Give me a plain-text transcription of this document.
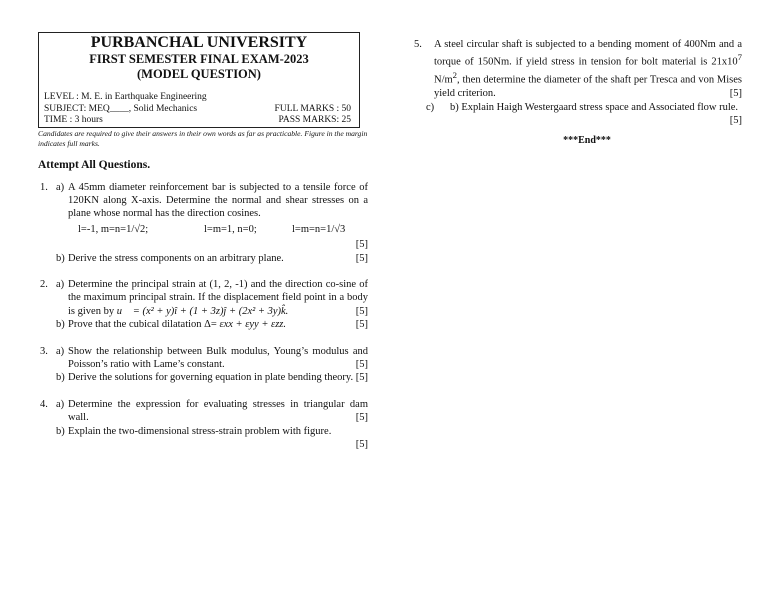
PURBANCHAL UNIVERSITY
FIRST SEMESTER FINAL EXAM-2023
(MODEL QUESTION)
LEVEL : M. E. in Earthquake Engineering
SUBJECT: MEQ____, Solid Mechanics	FULL MARKS : 50
TIME : 3 hours	PASS MARKS: 25
Candidates are required to give their answers in their own words as far as practicable. Figure in the margin indicates full marks.
Attempt All Questions.
1. a) A 45mm diameter reinforcement bar is subjected to a tensile force of 120KN along X-axis. Determine the normal and shear stresses on a plane whose normal has the direction cosines.
l=-1, m=n=1/√2;	l=m=1, n=0;	l=m=n=1/√3
[5]
b) Derive the stress components on an arbitrary plane.	[5]
2. a) Determine the principal strain at (1, 2, -1) and the direction co-sine of the maximum principal strain. If the displacement field point in a body is given by u⃗ = (x² + y)î + (1 + 3z)ĵ + (2x² + 3y)k̂.	[5]
b) Prove that the cubical dilatation Δ= εxx + εyy + εzz.	[5]
3. a) Show the relationship between Bulk modulus, Young’s modulus and Poisson’s ratio with Lame’s constant.	[5]
b) Derive the solutions for governing equation in plate bending theory. [5]
4. a) Determine the expression for evaluating stresses in triangular dam wall.	[5]
b) Explain the two-dimensional stress-strain problem with figure.
[5]
5. A steel circular shaft is subjected to a bending moment of 400Nm and a torque of 150Nm. if yield stress in tension for bolt material is $21x10^7$ $N/m^2$, then determine the diameter of the shaft per Tresca and von Mises yield criterion.	[5]
c) b) Explain Haigh Westergaard stress space and Associated flow rule.
[5]
***End***
